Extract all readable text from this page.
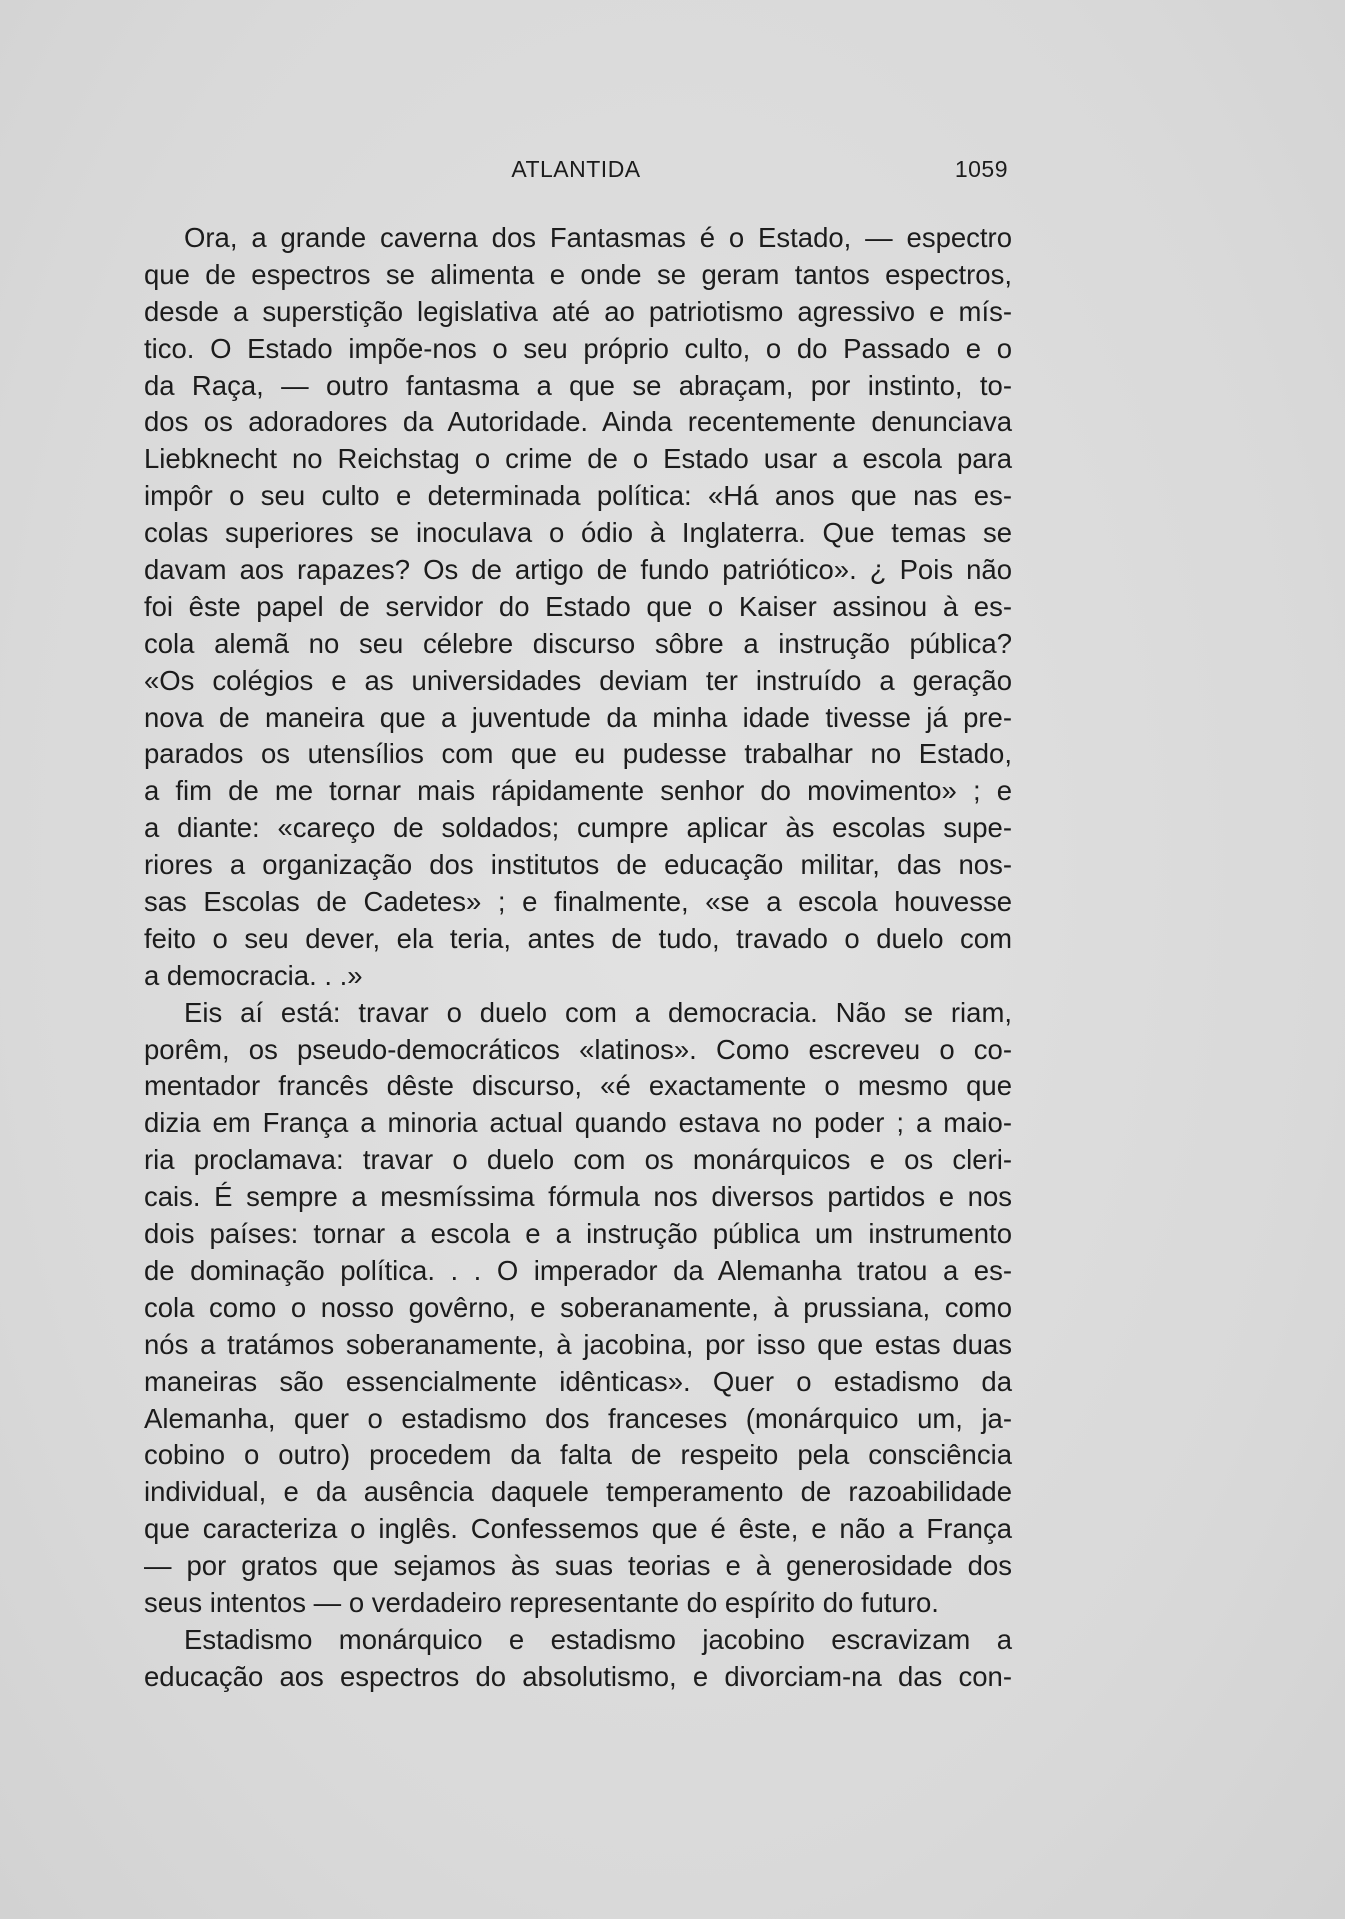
ATLANTIDA	1059
Ora, a grande caverna dos Fantasmas é o Estado, — espectro
que de espectros se alimenta e onde se geram tantos espectros,
desde a superstição legislativa até ao patriotismo agressivo e mís-
tico. O Estado impõe-nos o seu próprio culto, o do Passado e o
da Raça, — outro fantasma a que se abraçam, por instinto, to-
dos os adoradores da Autoridade. Ainda recentemente denunciava
Liebknecht no Reichstag o crime de o Estado usar a escola para
impôr o seu culto e determinada política: «Há anos que nas es-
colas superiores se inoculava o ódio à Inglaterra. Que temas se
davam aos rapazes? Os de artigo de fundo patriótico». ¿ Pois não
foi êste papel de servidor do Estado que o Kaiser assinou à es-
cola alemã no seu célebre discurso sôbre a instrução pública?
«Os colégios e as universidades deviam ter instruído a geração
nova de maneira que a juventude da minha idade tivesse já pre-
parados os utensílios com que eu pudesse trabalhar no Estado,
a fim de me tornar mais rápidamente senhor do movimento» ; e
a diante: «careço de soldados; cumpre aplicar às escolas supe-
riores a organização dos institutos de educação militar, das nos-
sas Escolas de Cadetes» ; e finalmente, «se a escola houvesse
feito o seu dever, ela teria, antes de tudo, travado o duelo com
a democracia. . .»
Eis aí está: travar o duelo com a democracia. Não se riam,
porêm, os pseudo-democráticos «latinos». Como escreveu o co-
mentador francês dêste discurso, «é exactamente o mesmo que
dizia em França a minoria actual quando estava no poder ; a maio-
ria proclamava: travar o duelo com os monárquicos e os cleri-
cais. É sempre a mesmíssima fórmula nos diversos partidos e nos
dois países: tornar a escola e a instrução pública um instrumento
de dominação política. . . O imperador da Alemanha tratou a es-
cola como o nosso govêrno, e soberanamente, à prussiana, como
nós a tratámos soberanamente, à jacobina, por isso que estas duas
maneiras são essencialmente idênticas». Quer o estadismo da
Alemanha, quer o estadismo dos franceses (monárquico um, ja-
cobino o outro) procedem da falta de respeito pela consciência
individual, e da ausência daquele temperamento de razoabilidade
que caracteriza o inglês. Confessemos que é êste, e não a França
— por gratos que sejamos às suas teorias e à generosidade dos
seus intentos — o verdadeiro representante do espírito do futuro.
Estadismo monárquico e estadismo jacobino escravizam a
educação aos espectros do absolutismo, e divorciam-na das con-
